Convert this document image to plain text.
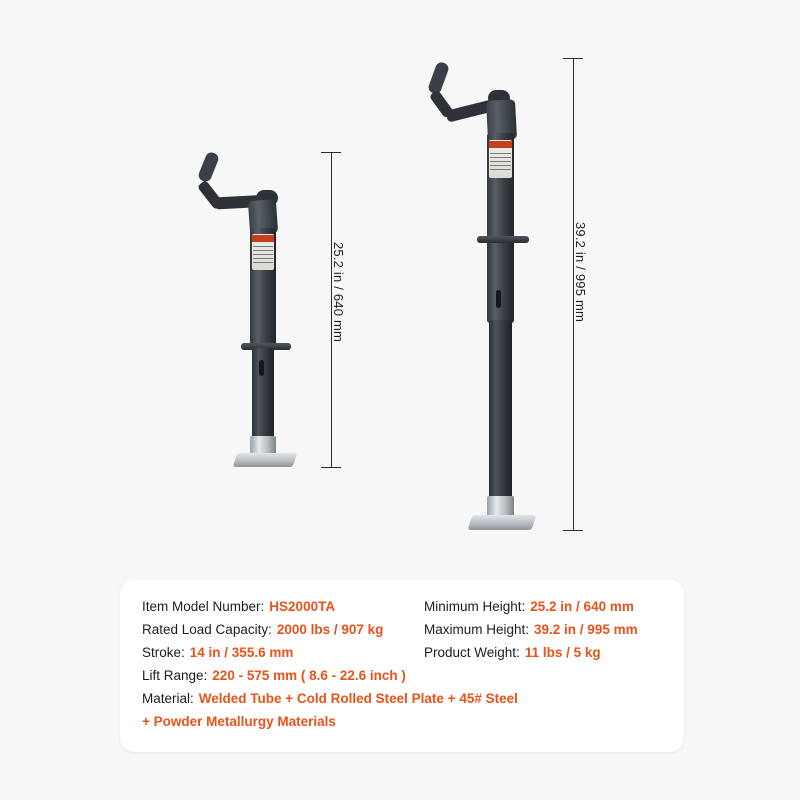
25.2 in / 640 mm	39.2 in / 995 mm
Item Model Number: HS2000TA	Minimum Height: 25.2 in / 640 mm
Rated Load Capacity: 2000 lbs / 907 kg	Maximum Height: 39.2 in / 995 mm
Stroke: 14 in / 355.6 mm	Product Weight: 11 lbs / 5 kg
Lift Range: 220 - 575 mm ( 8.6 - 22.6 inch )
Material: Welded Tube + Cold Rolled Steel Plate + 45# Steel
+ Powder Metallurgy Materials
